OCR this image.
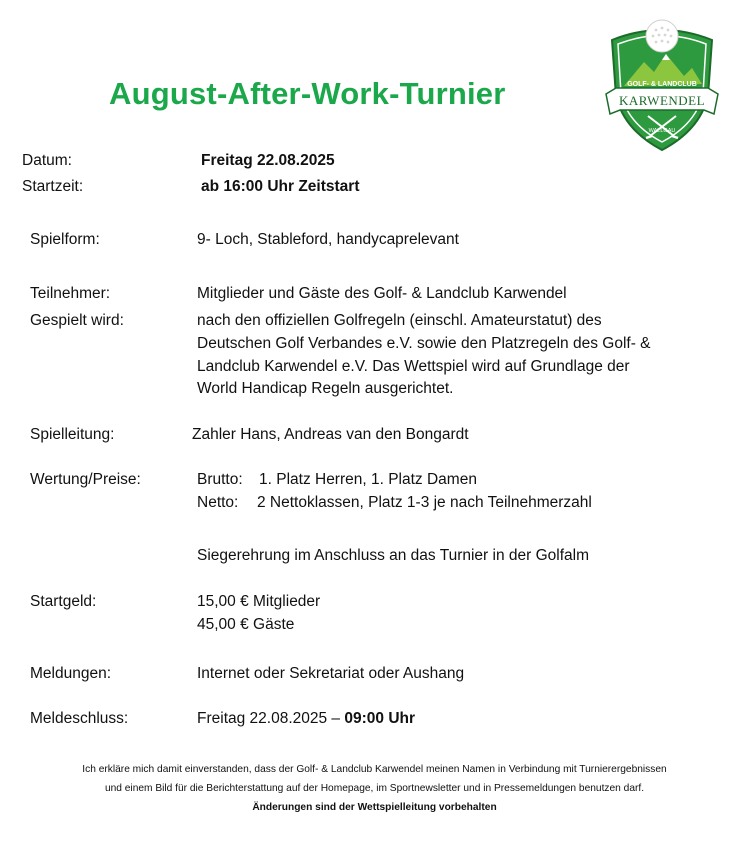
August-After-Work-Turnier	GOLF- & LANDCLUB
KARWENDEL
WALLGAU
Datum:	Freitag 22.08.2025
Startzeit:	ab 16:00 Uhr Zeitstart
Spielform:	9- Loch, Stableford, handycaprelevant
Teilnehmer:	Mitglieder und Gäste des Golf- & Landclub Karwendel
Gespielt wird:	nach den offiziellen Golfregeln (einschl. Amateurstatut) des
Deutschen Golf Verbandes e.V. sowie den Platzregeln des Golf- &
Landclub Karwendel e.V. Das Wettspiel wird auf Grundlage der
World Handicap Regeln ausgerichtet.
Spielleitung:	Zahler Hans, Andreas van den Bongardt
Wertung/Preise:	Brutto: 1. Platz Herren, 1. Platz Damen
Netto: 2 Nettoklassen, Platz 1-3 je nach Teilnehmerzahl
Siegerehrung im Anschluss an das Turnier in der Golfalm
Startgeld:	15,00 € Mitglieder
45,00 € Gäste
Meldungen:	Internet oder Sekretariat oder Aushang
Meldeschluss:	Freitag 22.08.2025 – 09:00 Uhr
Ich erkläre mich damit einverstanden, dass der Golf- & Landclub Karwendel meinen Namen in Verbindung mit Turnierergebnissen
und einem Bild für die Berichterstattung auf der Homepage, im Sportnewsletter und in Pressemeldungen benutzen darf.
Änderungen sind der Wettspielleitung vorbehalten
